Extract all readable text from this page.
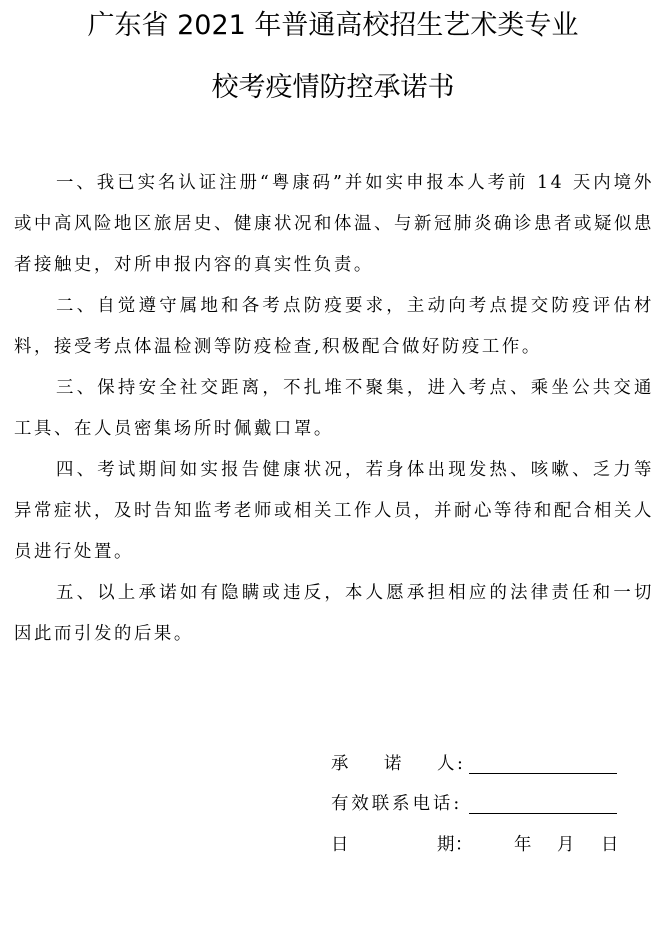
广东省 2021 年普通高校招生艺术类专业
校考疫情防控承诺书

一、我已实名认证注册“粤康码”并如实申报本人考前 14 天内境外或中高风险地区旅居史、健康状况和体温、与新冠肺炎确诊患者或疑似患者接触史，对所申报内容的真实性负责。

二、自觉遵守属地和各考点防疫要求，主动向考点提交防疫评估材料，接受考点体温检测等防疫检查,积极配合做好防疫工作。

三、保持安全社交距离，不扎堆不聚集，进入考点、乘坐公共交通工具、在人员密集场所时佩戴口罩。

四、考试期间如实报告健康状况，若身体出现发热、咳嗽、乏力等异常症状，及时告知监考老师或相关工作人员，并耐心等待和配合相关人员进行处置。

五、以上承诺如有隐瞒或违反，本人愿承担相应的法律责任和一切因此而引发的后果。

承 诺 人 :
有效联系电话:
日	期 ： 年 月 日
